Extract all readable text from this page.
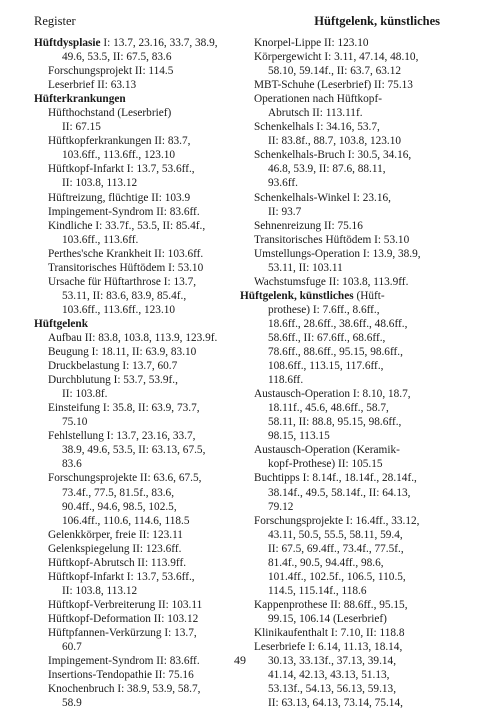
Register	Hüftgelenk, künstliches
Hüftdysplasie I: 13.7, 23.16, 33.7, 38.9,
49.6, 53.5, II: 67.5, 83.6
Forschungsprojekt II: 114.5
Leserbrief II: 63.13
Hüfterkrankungen
Hüfthochstand (Leserbrief)
II: 67.15
Hüftkopferkrankungen II: 83.7,
103.6ff., 113.6ff., 123.10
Hüftkopf-Infarkt I: 13.7, 53.6ff.,
II: 103.8, 113.12
Hüftreizung, flüchtige II: 103.9
Impingement-Syndrom II: 83.6ff.
Kindliche I: 33.7f., 53.5, II: 85.4f.,
103.6ff., 113.6ff.
Perthes'sche Krankheit II: 103.6ff.
Transitorisches Hüftödem I: 53.10
Ursache für Hüftarthrose I: 13.7,
53.11, II: 83.6, 83.9, 85.4f.,
103.6ff., 113.6ff., 123.10
Hüftgelenk
Aufbau II: 83.8, 103.8, 113.9, 123.9f.
Beugung I: 18.11, II: 63.9, 83.10
Druckbelastung I: 13.7, 60.7
Durchblutung I: 53.7, 53.9f.,
II: 103.8f.
Einsteifung I: 35.8, II: 63.9, 73.7,
75.10
Fehlstellung I: 13.7, 23.16, 33.7,
38.9, 49.6, 53.5, II: 63.13, 67.5,
83.6
Forschungsprojekte II: 63.6, 67.5,
73.4f., 77.5, 81.5f., 83.6,
90.4ff., 94.6, 98.5, 102.5,
106.4ff., 110.6, 114.6, 118.5
Gelenkkörper, freie II: 123.11
Gelenkspiegelung II: 123.6ff.
Hüftkopf-Abrutsch II: 113.9ff.
Hüftkopf-Infarkt I: 13.7, 53.6ff.,
II: 103.8, 113.12
Hüftkopf-Verbreiterung II: 103.11
Hüftkopf-Deformation II: 103.12
Hüftpfannen-Verkürzung I: 13.7,
60.7
Impingement-Syndrom II: 83.6ff.
Insertions-Tendopathie II: 75.16
Knochenbruch I: 38.9, 53.9, 58.7,
58.9
Knorpel-Lippe II: 123.10
Körpergewicht I: 3.11, 47.14, 48.10,
58.10, 59.14f., II: 63.7, 63.12
MBT-Schuhe (Leserbrief) II: 75.13
Operationen nach Hüftkopf-
Abrutsch II: 113.11f.
Schenkelhals I: 34.16, 53.7,
II: 83.8f., 88.7, 103.8, 123.10
Schenkelhals-Bruch I: 30.5, 34.16,
46.8, 53.9, II: 87.6, 88.11,
93.6ff.
Schenkelhals-Winkel I: 23.16,
II: 93.7
Sehnenreizung II: 75.16
Transitorisches Hüftödem I: 53.10
Umstellungs-Operation I: 13.9, 38.9,
53.11, II: 103.11
Wachstumsfuge II: 103.8, 113.9ff.
Hüftgelenk, künstliches (Hüft-
prothese) I: 7.6ff., 8.6ff.,
18.6ff., 28.6ff., 38.6ff., 48.6ff.,
58.6ff., II: 67.6ff., 68.6ff.,
78.6ff., 88.6ff., 95.15, 98.6ff.,
108.6ff., 113.15, 117.6ff.,
118.6ff.
Austausch-Operation I: 8.10, 18.7,
18.11f., 45.6, 48.6ff., 58.7,
58.11, II: 88.8, 95.15, 98.6ff.,
98.15, 113.15
Austausch-Operation (Keramik-
kopf-Prothese) II: 105.15
Buchtipps I: 8.14f., 18.14f., 28.14f.,
38.14f., 49.5, 58.14f., II: 64.13,
79.12
Forschungsprojekte I: 16.4ff., 33.12,
43.11, 50.5, 55.5, 58.11, 59.4,
II: 67.5, 69.4ff., 73.4f., 77.5f.,
81.4f., 90.5, 94.4ff., 98.6,
101.4ff., 102.5f., 106.5, 110.5,
114.5, 115.14f., 118.6
Kappenprothese II: 88.6ff., 95.15,
99.15, 106.14 (Leserbrief)
Klinikaufenthalt I: 7.10, II: 118.8
Leserbriefe I: 6.14, 11.13, 18.14,
30.13, 33.13f., 37.13, 39.14,
41.14, 42.13, 43.13, 51.13,
53.13f., 54.13, 56.13, 59.13,
II: 63.13, 64.13, 73.14, 75.14,
49
